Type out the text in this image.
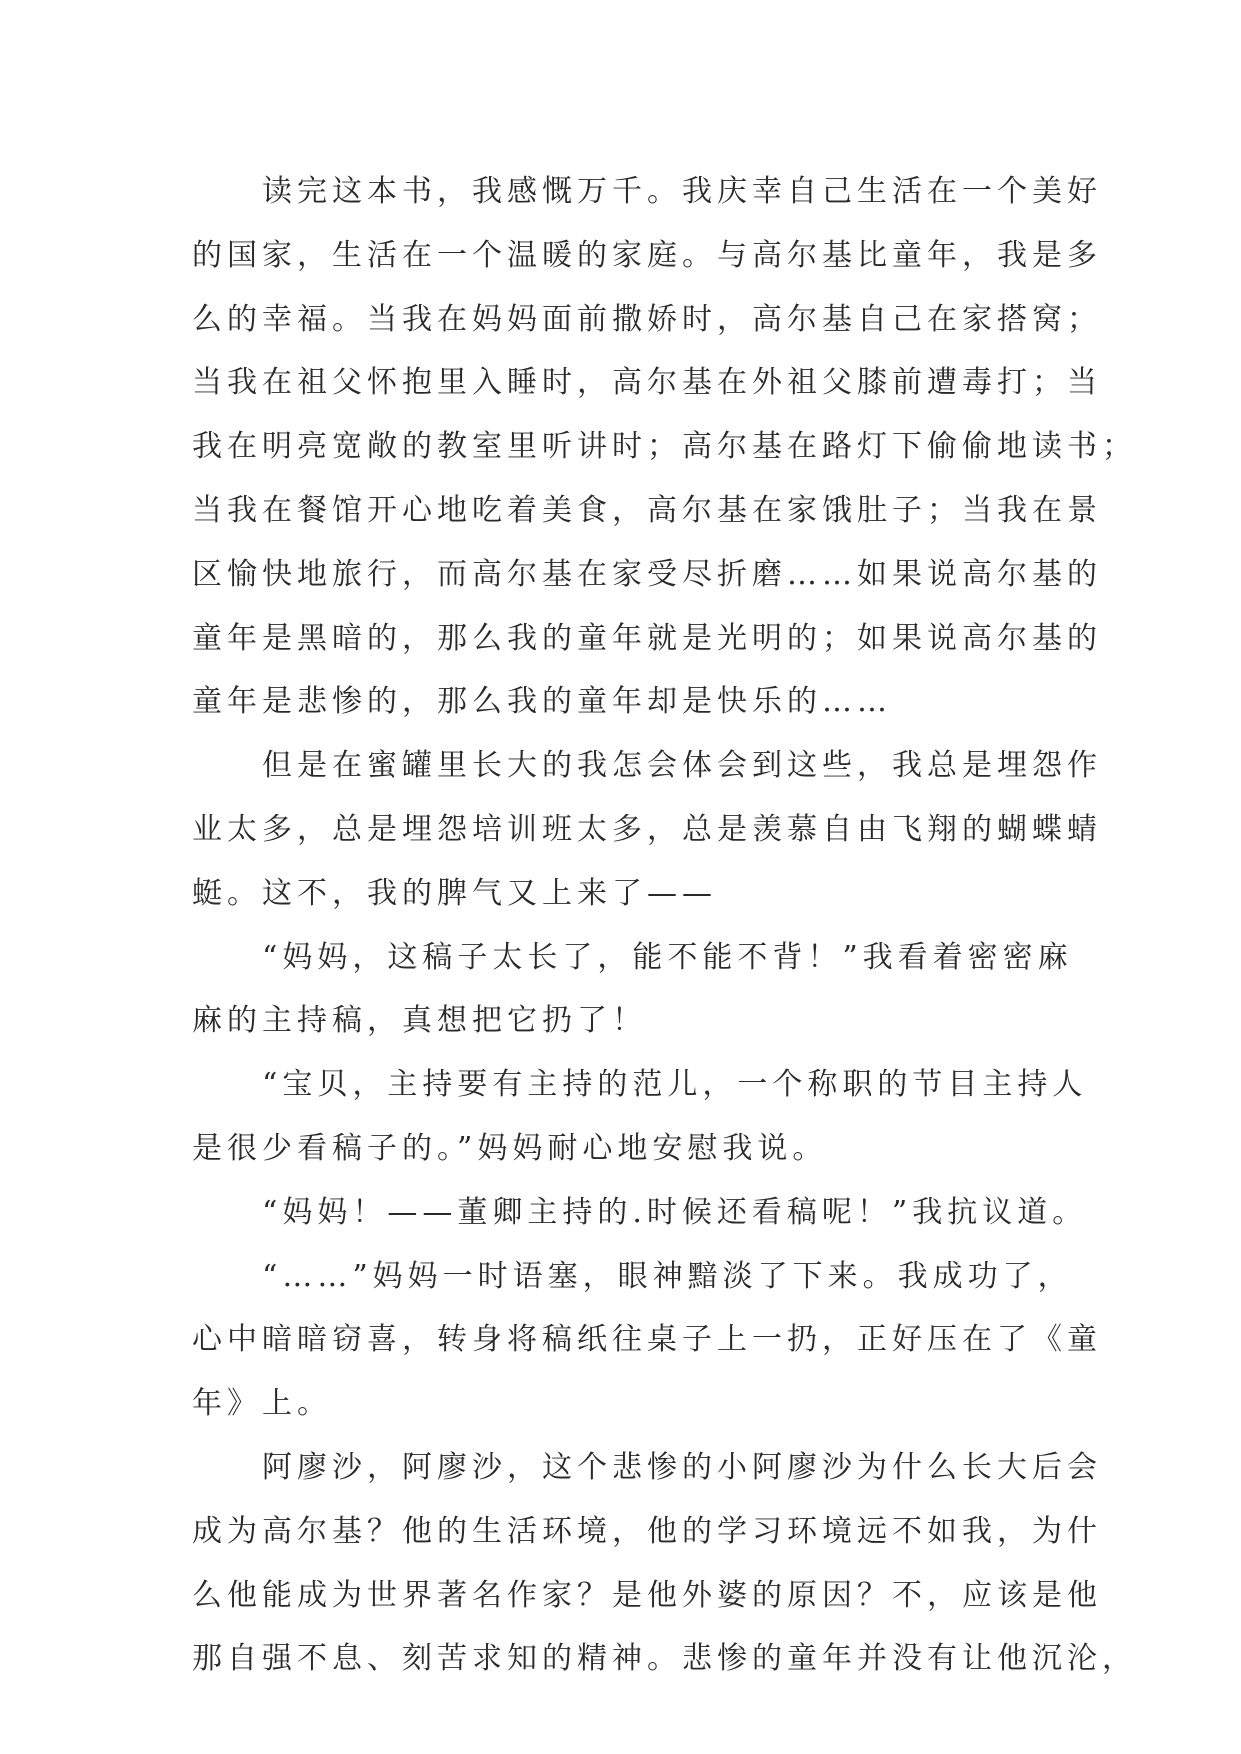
读完这本书，我感慨万千。我庆幸自己生活在一个美好
的国家，生活在一个温暖的家庭。与高尔基比童年，我是多
么的幸福。当我在妈妈面前撒娇时，高尔基自己在家搭窝；
当我在祖父怀抱里入睡时，高尔基在外祖父膝前遭毒打；当
我在明亮宽敞的教室里听讲时；高尔基在路灯下偷偷地读书；
当我在餐馆开心地吃着美食，高尔基在家饿肚子；当我在景
区愉快地旅行，而高尔基在家受尽折磨……如果说高尔基的
童年是黑暗的，那么我的童年就是光明的；如果说高尔基的
童年是悲惨的，那么我的童年却是快乐的……
但是在蜜罐里长大的我怎会体会到这些，我总是埋怨作
业太多，总是埋怨培训班太多，总是羡慕自由飞翔的蝴蝶蜻
蜓。这不，我的脾气又上来了——
“妈妈，这稿子太长了，能不能不背！”我看着密密麻
麻的主持稿，真想把它扔了！
“宝贝，主持要有主持的范儿，一个称职的节目主持人
是很少看稿子的。”妈妈耐心地安慰我说。
“妈妈！——董卿主持的.时候还看稿呢！”我抗议道。
“……”妈妈一时语塞，眼神黯淡了下来。我成功了，
心中暗暗窃喜，转身将稿纸往桌子上一扔，正好压在了《童
年》上。
阿廖沙，阿廖沙，这个悲惨的小阿廖沙为什么长大后会
成为高尔基？他的生活环境，他的学习环境远不如我，为什
么他能成为世界著名作家？是他外婆的原因？不，应该是他
那自强不息、刻苦求知的精神。悲惨的童年并没有让他沉沦，
